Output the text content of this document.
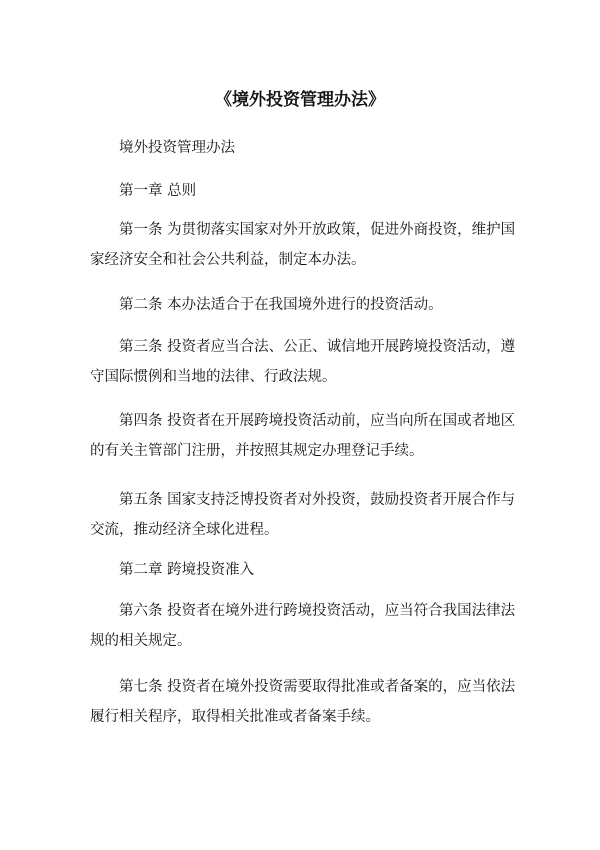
《境外投资管理办法》

境外投资管理办法

第一章 总则

第一条 为贯彻落实国家对外开放政策，促进外商投资，维护国家经济安全和社会公共利益，制定本办法。

第二条 本办法适合于在我国境外进行的投资活动。

第三条 投资者应当合法、公正、诚信地开展跨境投资活动，遵守国际惯例和当地的法律、行政法规。

第四条 投资者在开展跨境投资活动前，应当向所在国或者地区的有关主管部门注册，并按照其规定办理登记手续。

第五条 国家支持泛博投资者对外投资，鼓励投资者开展合作与交流，推动经济全球化进程。

第二章 跨境投资准入

第六条 投资者在境外进行跨境投资活动，应当符合我国法律法规的相关规定。

第七条 投资者在境外投资需要取得批准或者备案的，应当依法履行相关程序，取得相关批准或者备案手续。
